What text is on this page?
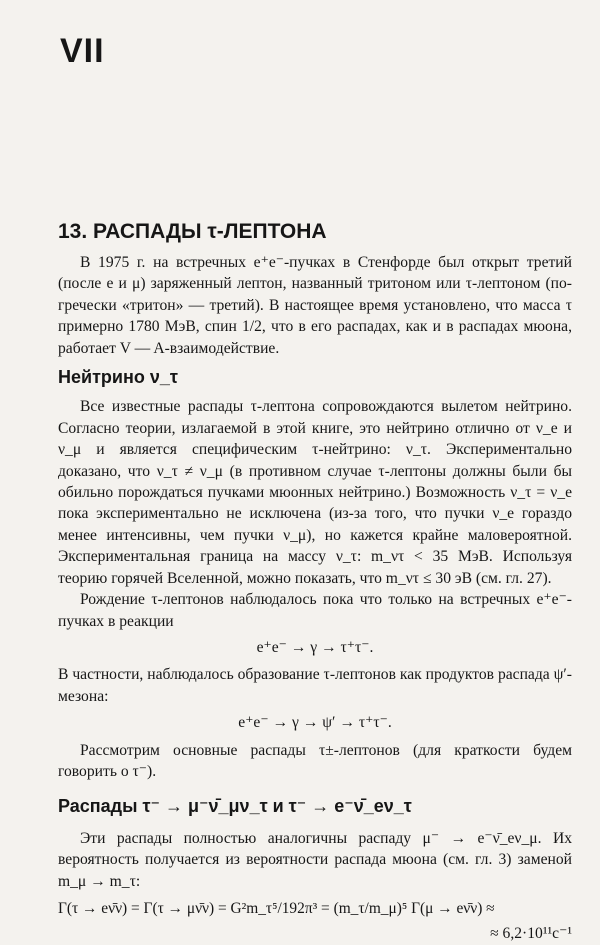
VII
13. РАСПАДЫ τ-ЛЕПТОНА

В 1975 г. на встречных e⁺e⁻-пучках в Стенфорде был открыт третий (после e и μ) заряженный лептон, названный тритоном или τ-лептоном (по-гречески «тритон» — третий). В настоящее время установлено, что масса τ примерно 1780 МэВ, спин 1/2, что в его распадах, как и в распадах мюона, работает V — A-взаимодействие.

Нейтрино ν_τ

Все известные распады τ-лептона сопровождаются вылетом нейтрино. Согласно теории, излагаемой в этой книге, это нейтрино отлично от ν_e и ν_μ и является специфическим τ-нейтрино: ν_τ. Экспериментально доказано, что ν_τ ≠ ν_μ (в противном случае τ-лептоны должны были бы обильно порождаться пучками мюонных нейтрино.) Возможность ν_τ = ν_e пока экспериментально не исключена (из-за того, что пучки ν_e гораздо менее интенсивны, чем пучки ν_μ), но кажется крайне маловероятной. Экспериментальная граница на массу ν_τ: m_ντ < 35 МэВ. Используя теорию горячей Вселенной, можно показать, что m_ντ ≤ 30 эВ (см. гл. 27).

Рождение τ-лептонов наблюдалось пока что только на встречных e⁺e⁻-пучках в реакции

e⁺e⁻ → γ → τ⁺τ⁻.

В частности, наблюдалось образование τ-лептонов как продуктов распада ψ′-мезона:

e⁺e⁻ → γ → ψ′ → τ⁺τ⁻.

Рассмотрим основные распады τ±-лептонов (для краткости будем говорить о τ⁻).

Распады τ⁻ → μ⁻ν̄_μν_τ и τ⁻ → e⁻ν̄_eν_τ

Эти распады полностью аналогичны распаду μ⁻ → e⁻ν̄_eν_μ. Их вероятность получается из вероятности распада мюона (см. гл. 3) заменой m_μ → m_τ:

Γ(τ → eν̄ν) = Γ(τ → μν̄ν) = G²m_τ⁵/192π³ = (m_τ/m_μ)⁵ Γ(μ → eν̄ν) ≈
≈ 6,2·10¹¹c⁻¹
